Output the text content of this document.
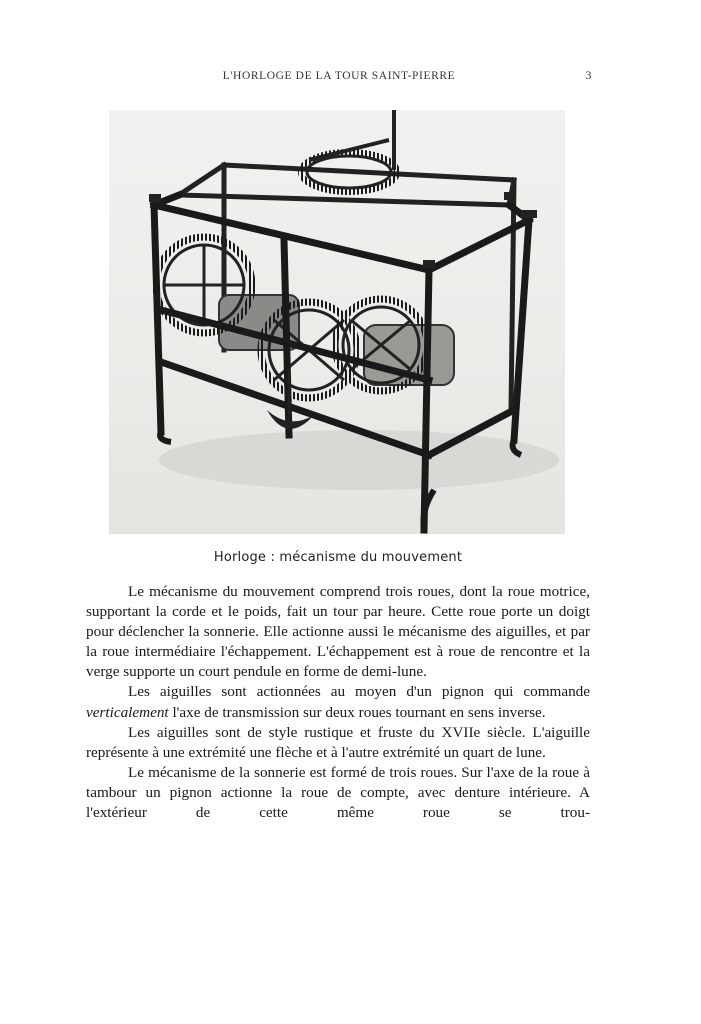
L'HORLOGE DE LA TOUR SAINT-PIERRE	3
Horloge : mécanisme du mouvement

Le mécanisme du mouvement comprend trois roues, dont la roue motrice, supportant la corde et le poids, fait un tour par heure. Cette roue porte un doigt pour déclencher la sonnerie. Elle actionne aussi le mécanisme des aiguilles, et par la roue intermédiaire l'échappement. L'échappement est à roue de rencontre et la verge supporte un court pendule en forme de demi-lune.

Les aiguilles sont actionnées au moyen d'un pignon qui commande verticalement l'axe de transmission sur deux roues tournant en sens inverse.

Les aiguilles sont de style rustique et fruste du XVIIe siècle. L'aiguille représente à une extrémité une flèche et à l'autre extrémité un quart de lune.

Le mécanisme de la sonnerie est formé de trois roues. Sur l'axe de la roue à tambour un pignon actionne la roue de compte, avec denture intérieure. A l'extérieur de cette même roue se trou-
